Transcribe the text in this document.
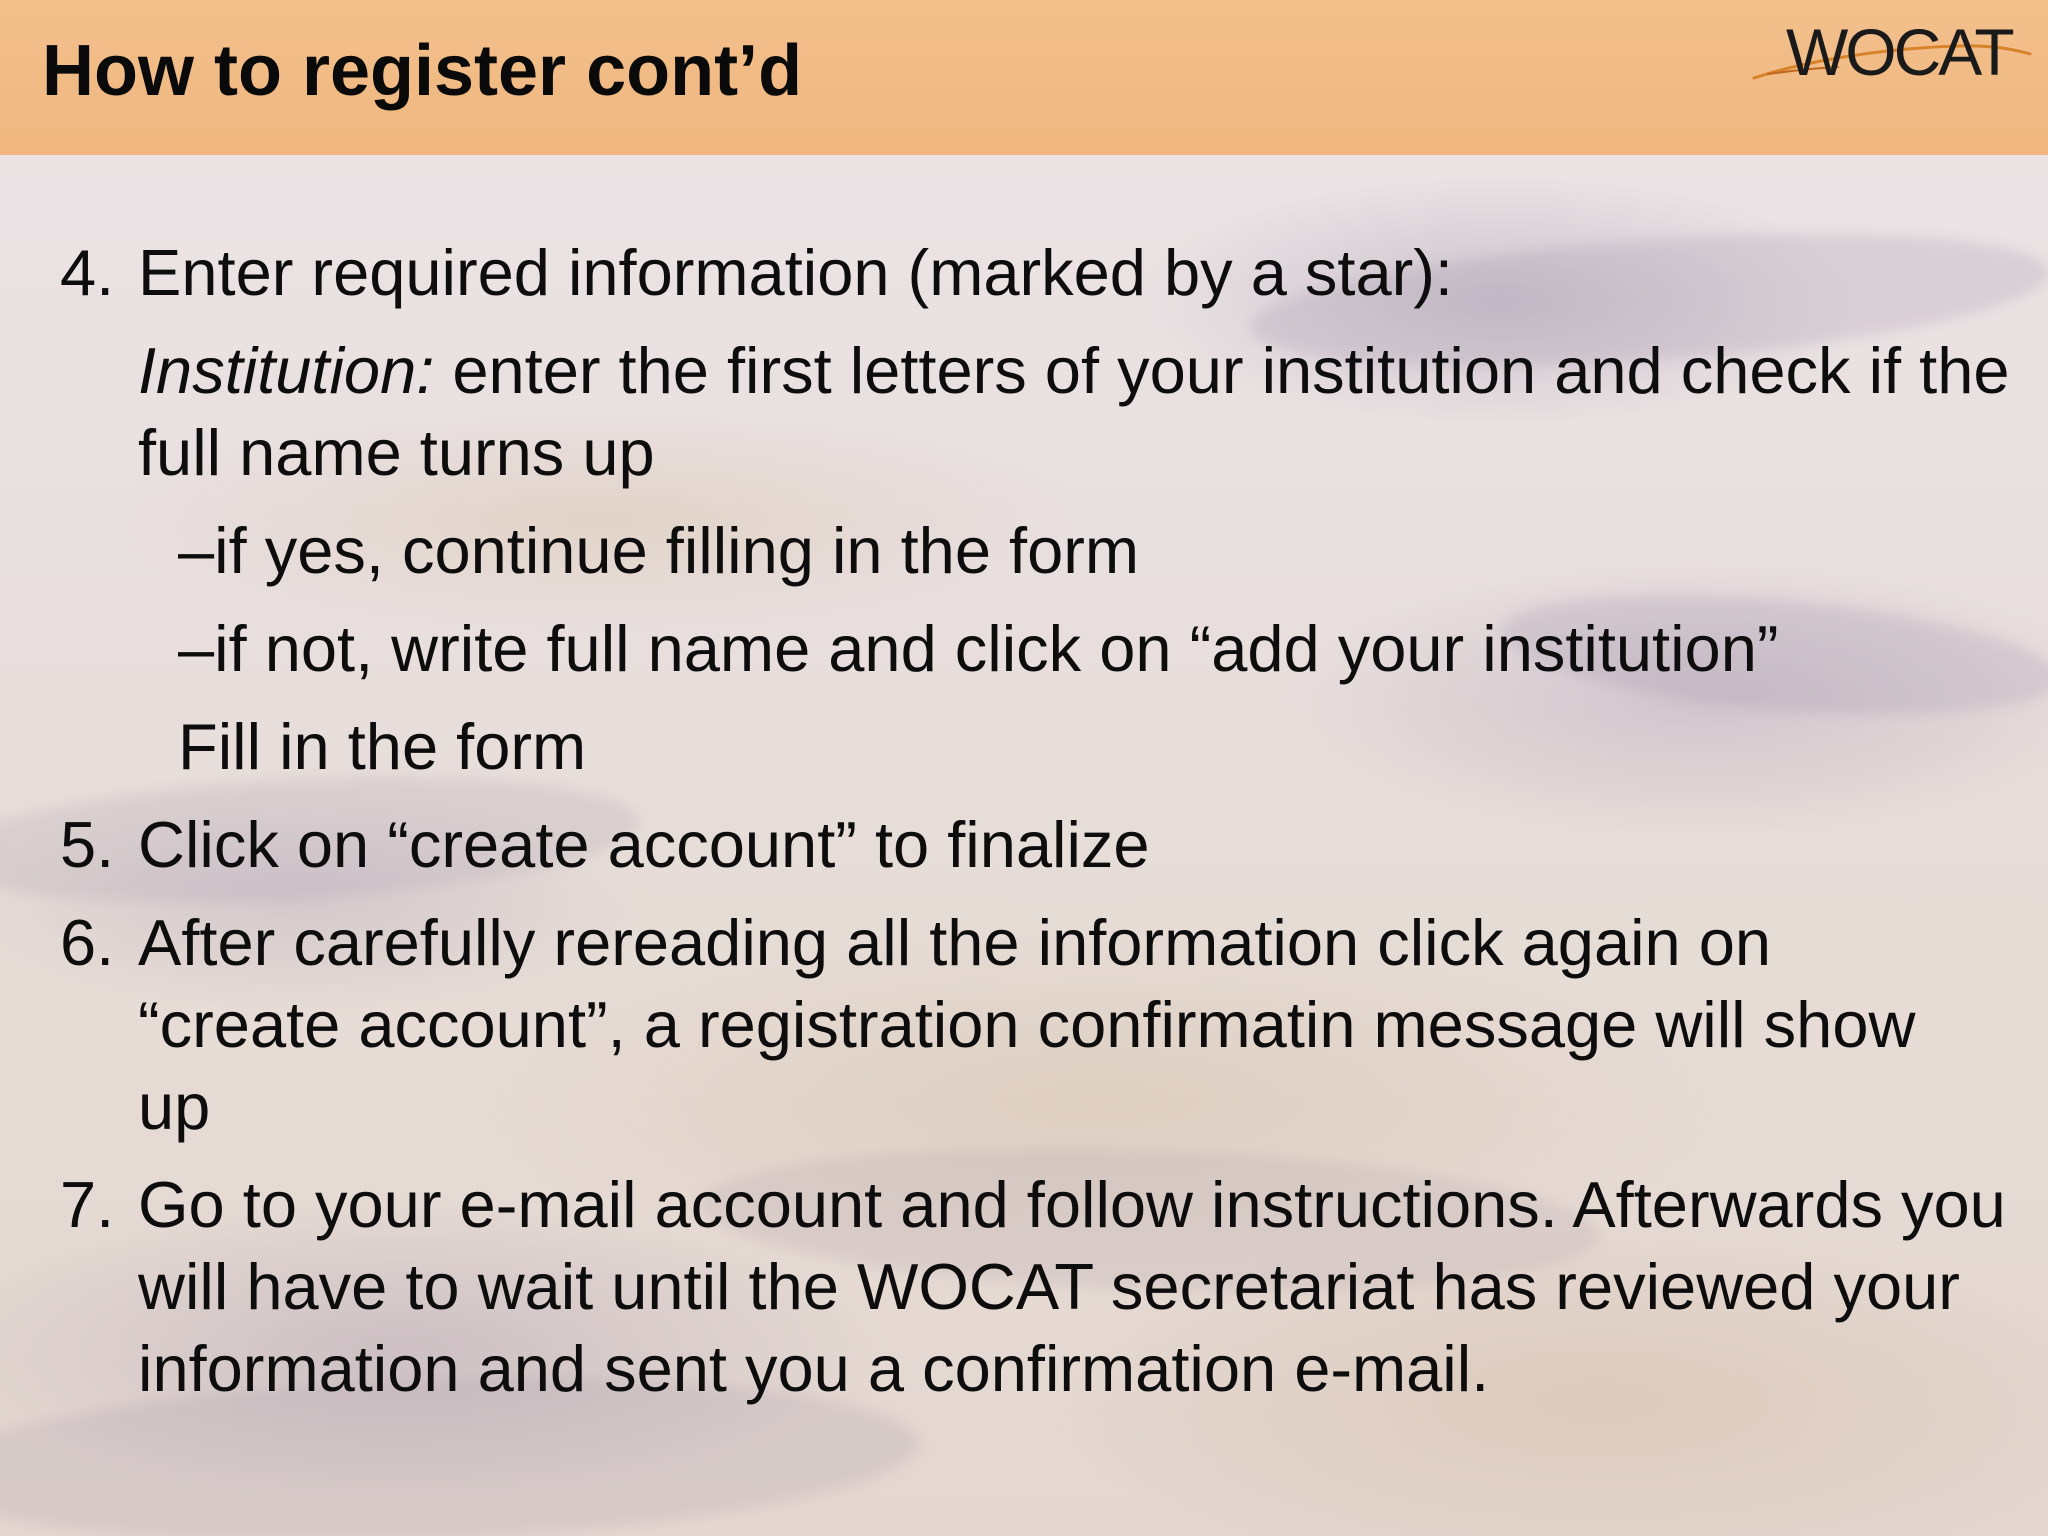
How to register cont’d	WOCAT
4. Enter required information (marked by a star):
Institution: enter the first letters of your institution and check if the full name turns up
–if yes, continue filling in the form
–if not, write full name and click on “add your institution”
Fill in the form
5. Click on “create account” to finalize
6. After carefully rereading all the information click again on “create account”, a registration confirmatin message will show up
7. Go to your e-mail account and follow instructions. Afterwards you will have to wait until the WOCAT secretariat has reviewed your information and sent you a confirmation e-mail.
